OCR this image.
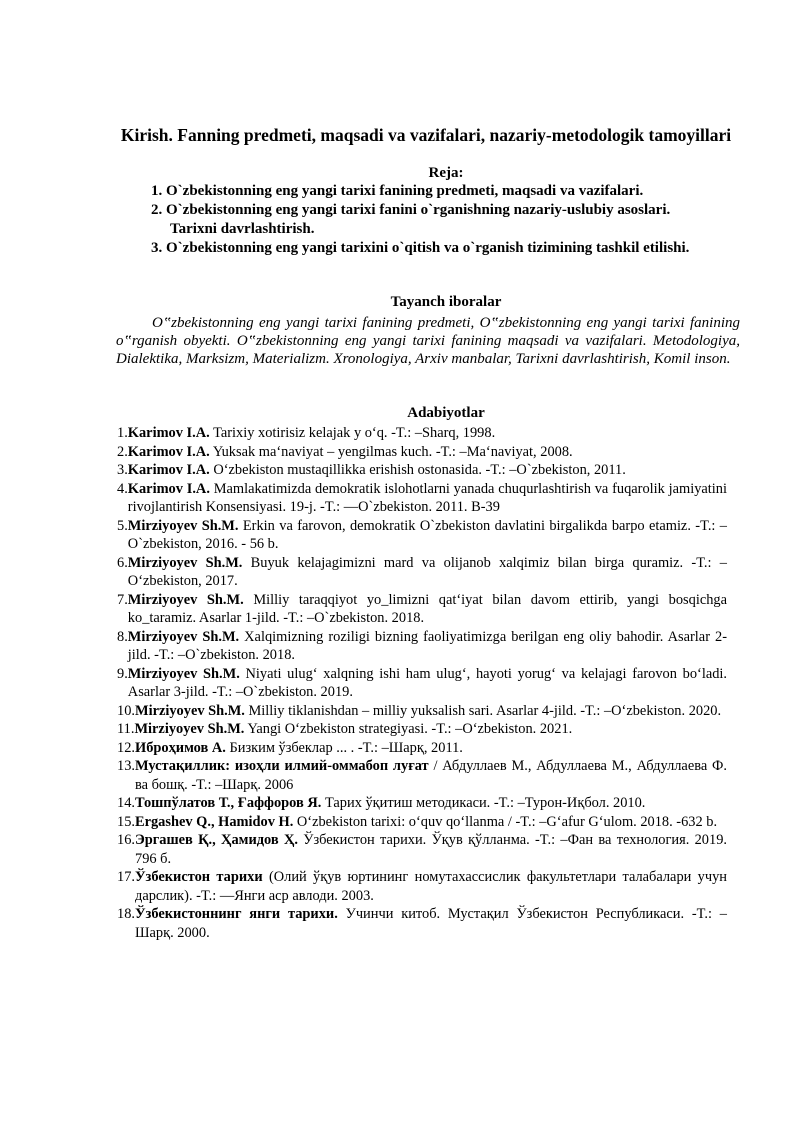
Kirish. Fanning predmeti, maqsadi va vazifalari, nazariy-metodologik tamoyillari
Reja:
1. O`zbekistonning eng yangi tarixi fanining predmeti, maqsadi va vazifalari.
2. O`zbekistonning eng yangi tarixi fanini o`rganishning nazariy-uslubiy asoslari. Tarixni davrlashtirish.
3. O`zbekistonning eng yangi tarixini o`qitish va o`rganish tizimining tashkil etilishi.
Tayanch iboralar
O‟zbekistonning eng yangi tarixi fanining predmeti, O‟zbekistonning eng yangi tarixi fanining o‟rganish obyekti. O‟zbekistonning eng yangi tarixi fanining maqsadi va vazifalari. Metodologiya, Dialektika, Marksizm, Materializm. Xronologiya, Arxiv manbalar, Tarixni davrlashtirish, Komil inson.
Adabiyotlar
1. Karimov I.A. Tarixiy xotirisiz kelajak y o‘q. -T.: –Sharq, 1998.
2. Karimov I.A. Yuksak ma‘naviyat – yengilmas kuch. -T.: –Ma‘naviyat, 2008.
3. Karimov I.A. O‘zbekiston mustaqillikka erishish ostonasida. -T.: –O`zbekiston, 2011.
4. Karimov I.A. Mamlakatimizda demokratik islohotlarni yanada chuqurlashtirish va fuqarolik jamiyatini rivojlantirish Konsensiyasi. 19-j. -T.: —O`zbekiston. 2011. B-39
5. Mirziyoyev Sh.M. Erkin va farovon, demokratik O`zbekiston davlatini birgalikda barpo etamiz. -T.: –O`zbekiston, 2016. - 56 b.
6. Mirziyoyev Sh.M. Buyuk kelajagimizni mard va olijanob xalqimiz bilan birga quramiz. -T.: –O‘zbekiston, 2017.
7. Mirziyoyev Sh.M. Milliy taraqqiyot yo_limizni qat‘iyat bilan davom ettirib, yangi bosqichga ko_taramiz. Asarlar 1-jild. -T.: –O`zbekiston. 2018.
8. Mirziyoyev Sh.M. Xalqimizning roziligi bizning faoliyatimizga berilgan eng oliy bahodir. Asarlar 2-jild. -T.: –O`zbekiston. 2018.
9. Mirziyoyev Sh.M. Niyati ulug‘ xalqning ishi ham ulug‘, hayoti yorug‘ va kelajagi farovon bo‘ladi. Asarlar 3-jild. -T.: –O`zbekiston. 2019.
10. Mirziyoyev Sh.M. Milliy tiklanishdan – milliy yuksalish sari. Asarlar 4-jild. -T.: –O‘zbekiston. 2020.
11. Mirziyoyev Sh.M. Yangi O‘zbekiston strategiyasi. -T.: –O‘zbekiston. 2021.
12. Иброҳимов А. Бизким ўзбеклар ... . -T.: –Шарқ, 2011.
13. Мустақиллик: изоҳли илмий-оммабоп луғат / Абдуллаев М., Абдуллаева М., Абдуллаева Ф. ва бошқ. -T.: –Шарқ. 2006
14. Тошпўлатов Т., Ғаффоров Я. Тарих ўқитиш методикаси. -T.: –Турон-Иқбол. 2010.
15. Ergashev Q., Hamidov H. O‘zbekiston tarixi: o‘quv qo‘llanma / -T.: –G‘afur G‘ulom. 2018. -632 b.
16. Эргашев Қ., Ҳамидов Ҳ. Ўзбекистон тарихи. Ўқув қўлланма. -T.: –Фан ва технология. 2019. 796 б.
17. Ўзбекистон тарихи (Олий ўқув юртининг номутахассислик факультетлари талабалари учун дарслик). -T.: —Янги аср авлоди. 2003.
18. Ўзбекистоннинг янги тарихи. Учинчи китоб. Мустақил Ўзбекистон Республикаси. -T.: –Шарқ. 2000.
